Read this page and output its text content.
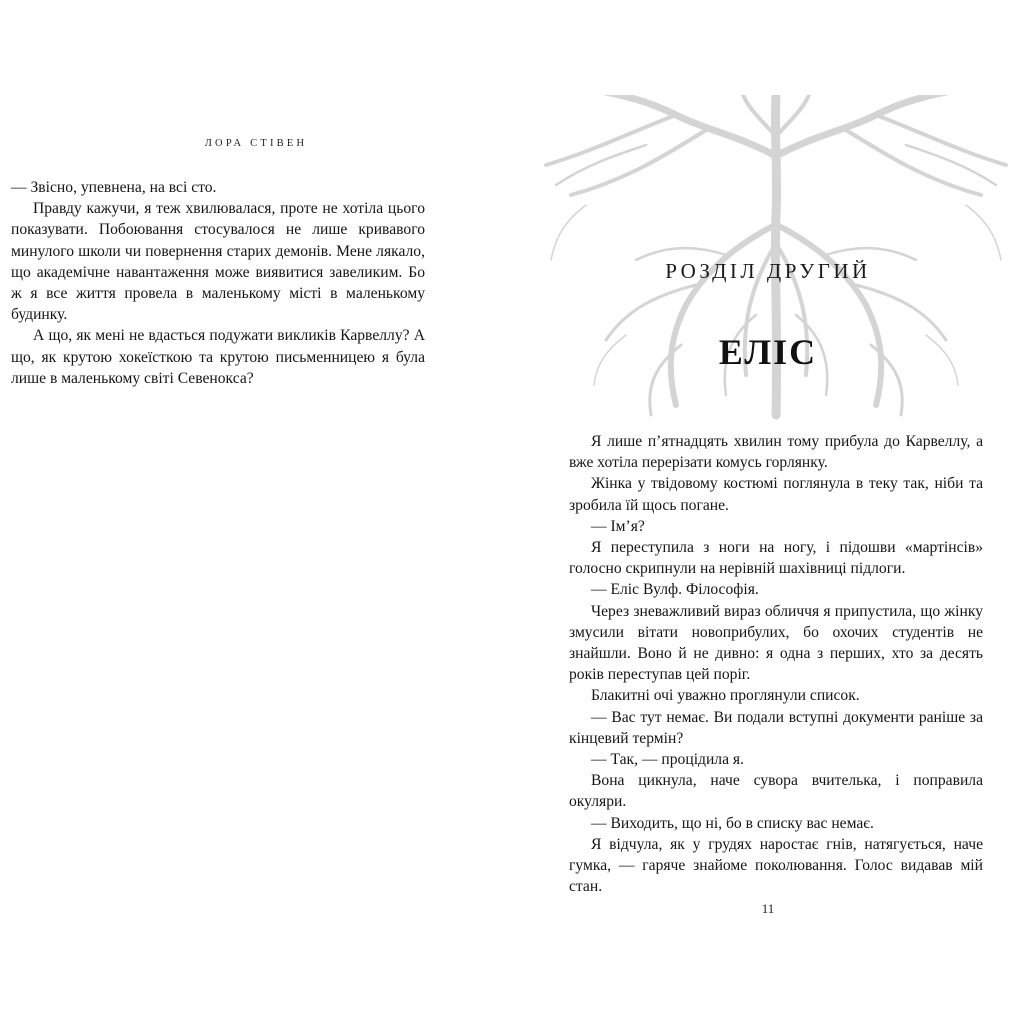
ЛОРА СТІВЕН

— Звісно, упевнена, на всі сто.

Правду кажучи, я теж хвилювалася, проте не хотіла цього показувати. Побоювання стосувалося не лише кривавого минулого школи чи повернення старих демонів. Мене лякало, що академічне навантаження може виявитися завеликим. Бо ж я все життя провела в маленькому містi в маленькому будинку.

А що, як мені не вдасться подужати викликів Карвеллу? А що, як крутою хокеїсткою та крутою письменницею я була лише в маленькому світі Севенокса?

РОЗДІЛ ДРУГИЙ
ЕЛІС

Я лише п’ятнадцять хвилин тому прибула до Карвеллу, а вже хотіла перерізати комусь горлянку.

Жінка у твідовому костюмі поглянула в теку так, ніби та зробила їй щось погане.

— Ім’я?

Я переступила з ноги на ногу, і підошви «мартінсів» голосно скрипнули на нерівній шахівниці підлоги.

— Еліс Вулф. Філософія.

Через зневажливий вираз обличчя я припустила, що жінку змусили вітати новоприбулих, бо охочих студентів не знайшли. Воно й не дивно: я одна з перших, хто за десять років переступав цей поріг.

Блакитні очі уважно проглянули список.

— Вас тут немає. Ви подали вступні документи раніше за кінцевий термін?

— Так, — процідила я.

Вона цикнула, наче сувора вчителька, і поправила окуляри.

— Виходить, що ні, бо в списку вас немає.

Я відчула, як у грудях наростає гнів, натягується, наче гумка, — гаряче знайоме поколювання. Голос видавав мій стан.

11
